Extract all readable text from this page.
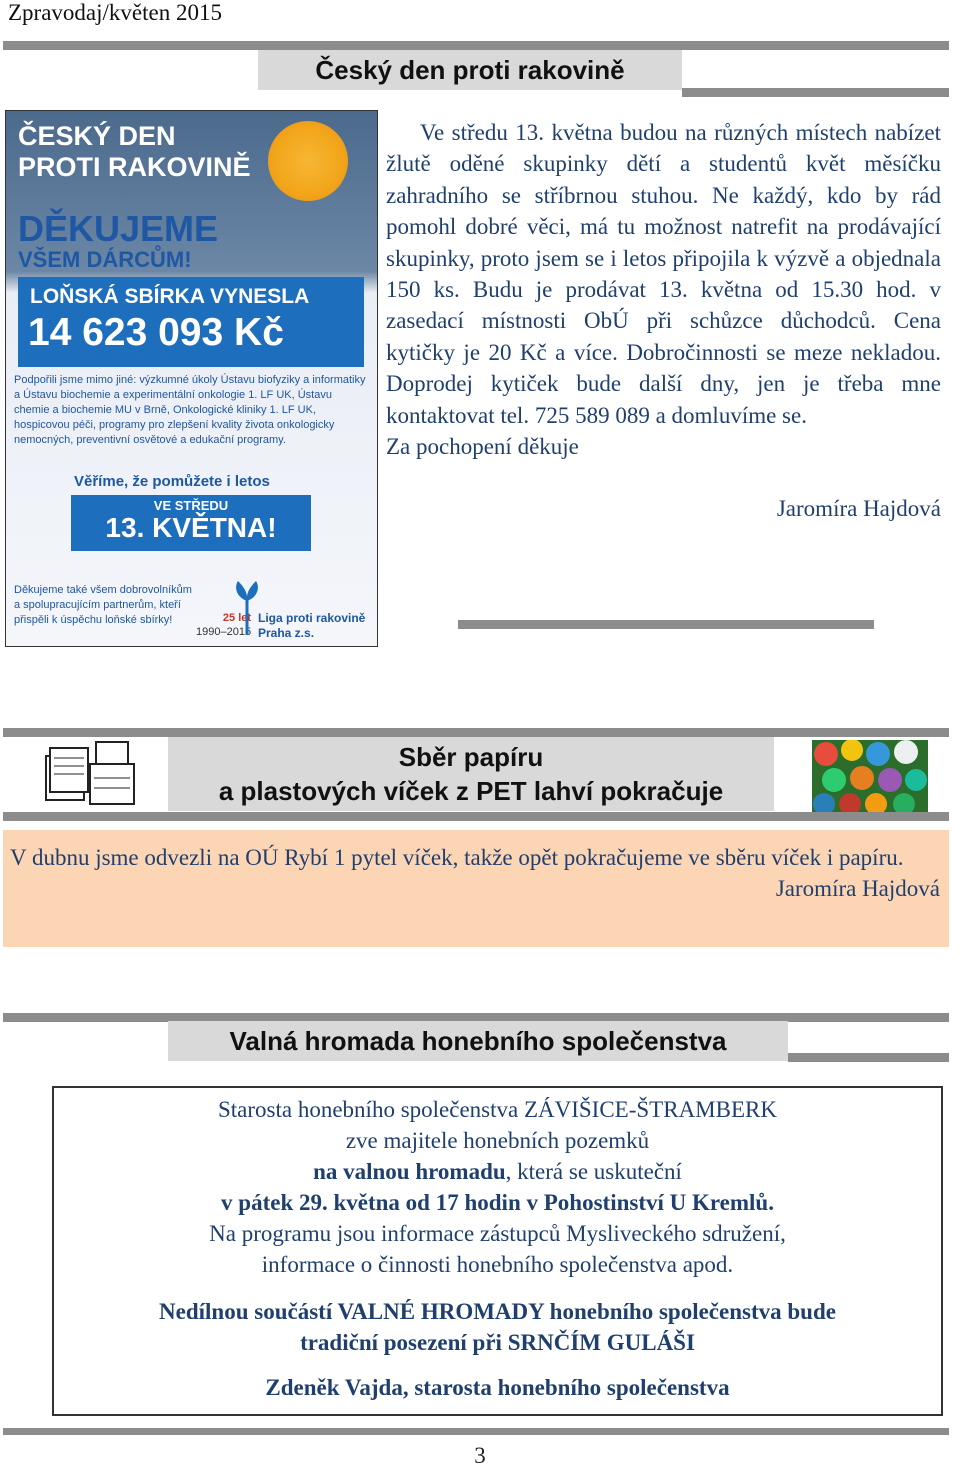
Zpravodaj/květen 2015
Český den proti rakovině
ČESKÝ DEN
PROTI RAKOVINĚ
DĚKUJEME
VŠEM DÁRCŮM!
LOŇSKÁ SBÍRKA VYNESLA
14 623 093 Kč
Podpořili jsme mimo jiné: výzkumné úkoly Ústavu biofyziky a informatiky a Ústavu biochemie a experimentální onkologie 1. LF UK, Ústavu chemie a biochemie MU v Brně, Onkologické kliniky 1. LF UK, hospicovou péči, programy pro zlepšení kvality života onkologicky nemocných, preventivní osvětové a edukační programy.
Věříme, že pomůžete i letos
VE STŘEDU
13. KVĚTNA!
Děkujeme také všem dobrovolníkům a spolupracujícím partnerům, kteří přispěli k úspěchu loňské sbírky!	25 let
1990–2015
Liga proti rakovině Praha z.s.
Ve středu 13. května budou na různých místech nabízet žlutě oděné skupinky dětí a studentů květ měsíčku zahradního se stříbrnou stuhou. Ne každý, kdo by rád pomohl dobré věci, má tu možnost natrefit na prodávající skupinky, proto jsem se i letos připojila k výzvě a objednala 150 ks. Budu je prodávat 13. května od 15.30 hod. v zasedací místnosti ObÚ při schůzce důchodců. Cena kytičky je 20 Kč a více. Dobročinnosti se meze nekladou. Doprodej kytiček bude další dny, jen je třeba mne kontaktovat tel. 725 589 089 a domluvíme se.
Za pochopení děkuje
Jaromíra Hajdová
Sběr papíru
a plastových víček z PET lahví pokračuje
V dubnu jsme odvezli na OÚ Rybí 1 pytel víček, takže opět pokračujeme ve sběru víček i papíru.
Jaromíra Hajdová
Valná hromada honebního společenstva
Starosta honebního společenstva ZÁVIŠICE-ŠTRAMBERK
zve majitele honebních pozemků
na valnou hromadu, která se uskuteční
v pátek 29. května od 17 hodin v Pohostinství U Kremlů.
Na programu jsou informace zástupců Mysliveckého sdružení,
informace o činnosti honebního společenstva apod.
Nedílnou součástí VALNÉ HROMADY honebního společenstva bude
tradiční posezení při SRNČÍM GULÁŠI
Zdeněk Vajda, starosta honebního společenstva
3
